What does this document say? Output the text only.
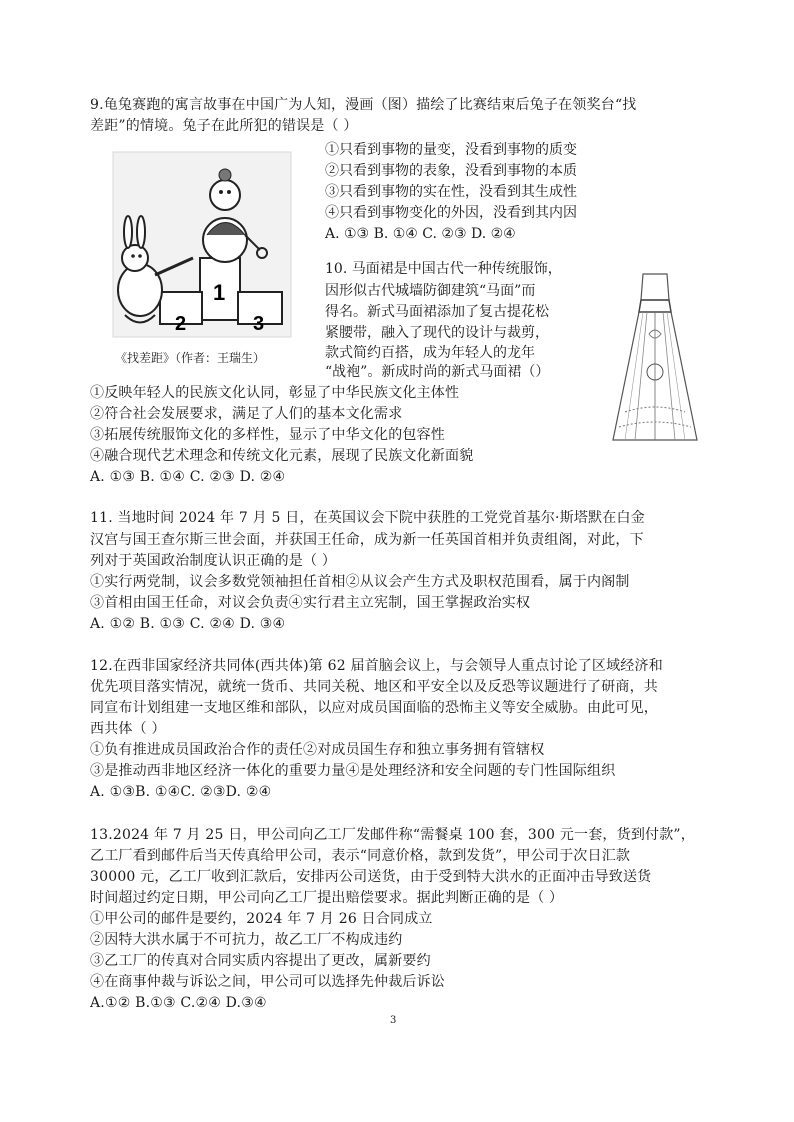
9.龟兔赛跑的寓言故事在中国广为人知，漫画（图）描绘了比赛结束后兔子在领奖台“找
差距”的情境。兔子在此所犯的错误是（ ）
1
2	3
《找差距》（作者：王瑞生）
①只看到事物的量变，没看到事物的质变
②只看到事物的表象，没看到事物的本质
③只看到事物的实在性，没看到其生成性
④只看到事物变化的外因，没看到其内因
A. ①③ B. ①④ C. ②③ D. ②④
10. 马面裙是中国古代一种传统服饰，
因形似古代城墙防御建筑“马面”而
得名。新式马面裙添加了复古提花松
紧腰带，融入了现代的设计与裁剪，
款式简约百搭，成为年轻人的龙年
“战袍”。新成时尚的新式马面裙（）
①反映年轻人的民族文化认同，彰显了中华民族文化主体性
②符合社会发展要求，满足了人们的基本文化需求
③拓展传统服饰文化的多样性，显示了中华文化的包容性
④融合现代艺术理念和传统文化元素，展现了民族文化新面貌
A. ①③ B. ①④ C. ②③ D. ②④
11. 当地时间 2024 年 7 月 5 日，在英国议会下院中获胜的工党党首基尔·斯塔默在白金
汉宫与国王查尔斯三世会面，并获国王任命，成为新一任英国首相并负责组阁，对此，下
列对于英国政治制度认识正确的是（ ）
①实行两党制，议会多数党领袖担任首相②从议会产生方式及职权范围看，属于内阁制
③首相由国王任命，对议会负责④实行君主立宪制，国王掌握政治实权
A. ①② B. ①③ C. ②④ D. ③④
12.在西非国家经济共同体(西共体)第 62 届首脑会议上，与会领导人重点讨论了区域经济和
优先项目落实情况，就统一货币、共同关税、地区和平安全以及反恐等议题进行了研商，共
同宣布计划组建一支地区维和部队，以应对成员国面临的恐怖主义等安全威胁。由此可见，
西共体（ ）
①负有推进成员国政治合作的责任②对成员国生存和独立事务拥有管辖权
③是推动西非地区经济一体化的重要力量④是处理经济和安全问题的专门性国际组织
A. ①③B. ①④C. ②③D. ②④
13.2024 年 7 月 25 日，甲公司向乙工厂发邮件称“需餐桌 100 套，300 元一套，货到付款”，
乙工厂看到邮件后当天传真给甲公司，表示“同意价格，款到发货”，甲公司于次日汇款
30000 元，乙工厂收到汇款后，安排丙公司送货，由于受到特大洪水的正面冲击导致送货
时间超过约定日期，甲公司向乙工厂提出赔偿要求。据此判断正确的是（ ）
①甲公司的邮件是要约，2024 年 7 月 26 日合同成立
②因特大洪水属于不可抗力，故乙工厂不构成违约
③乙工厂的传真对合同实质内容提出了更改，属新要约
④在商事仲裁与诉讼之间，甲公司可以选择先仲裁后诉讼
A.①② B.①③ C.②④ D.③④
3
